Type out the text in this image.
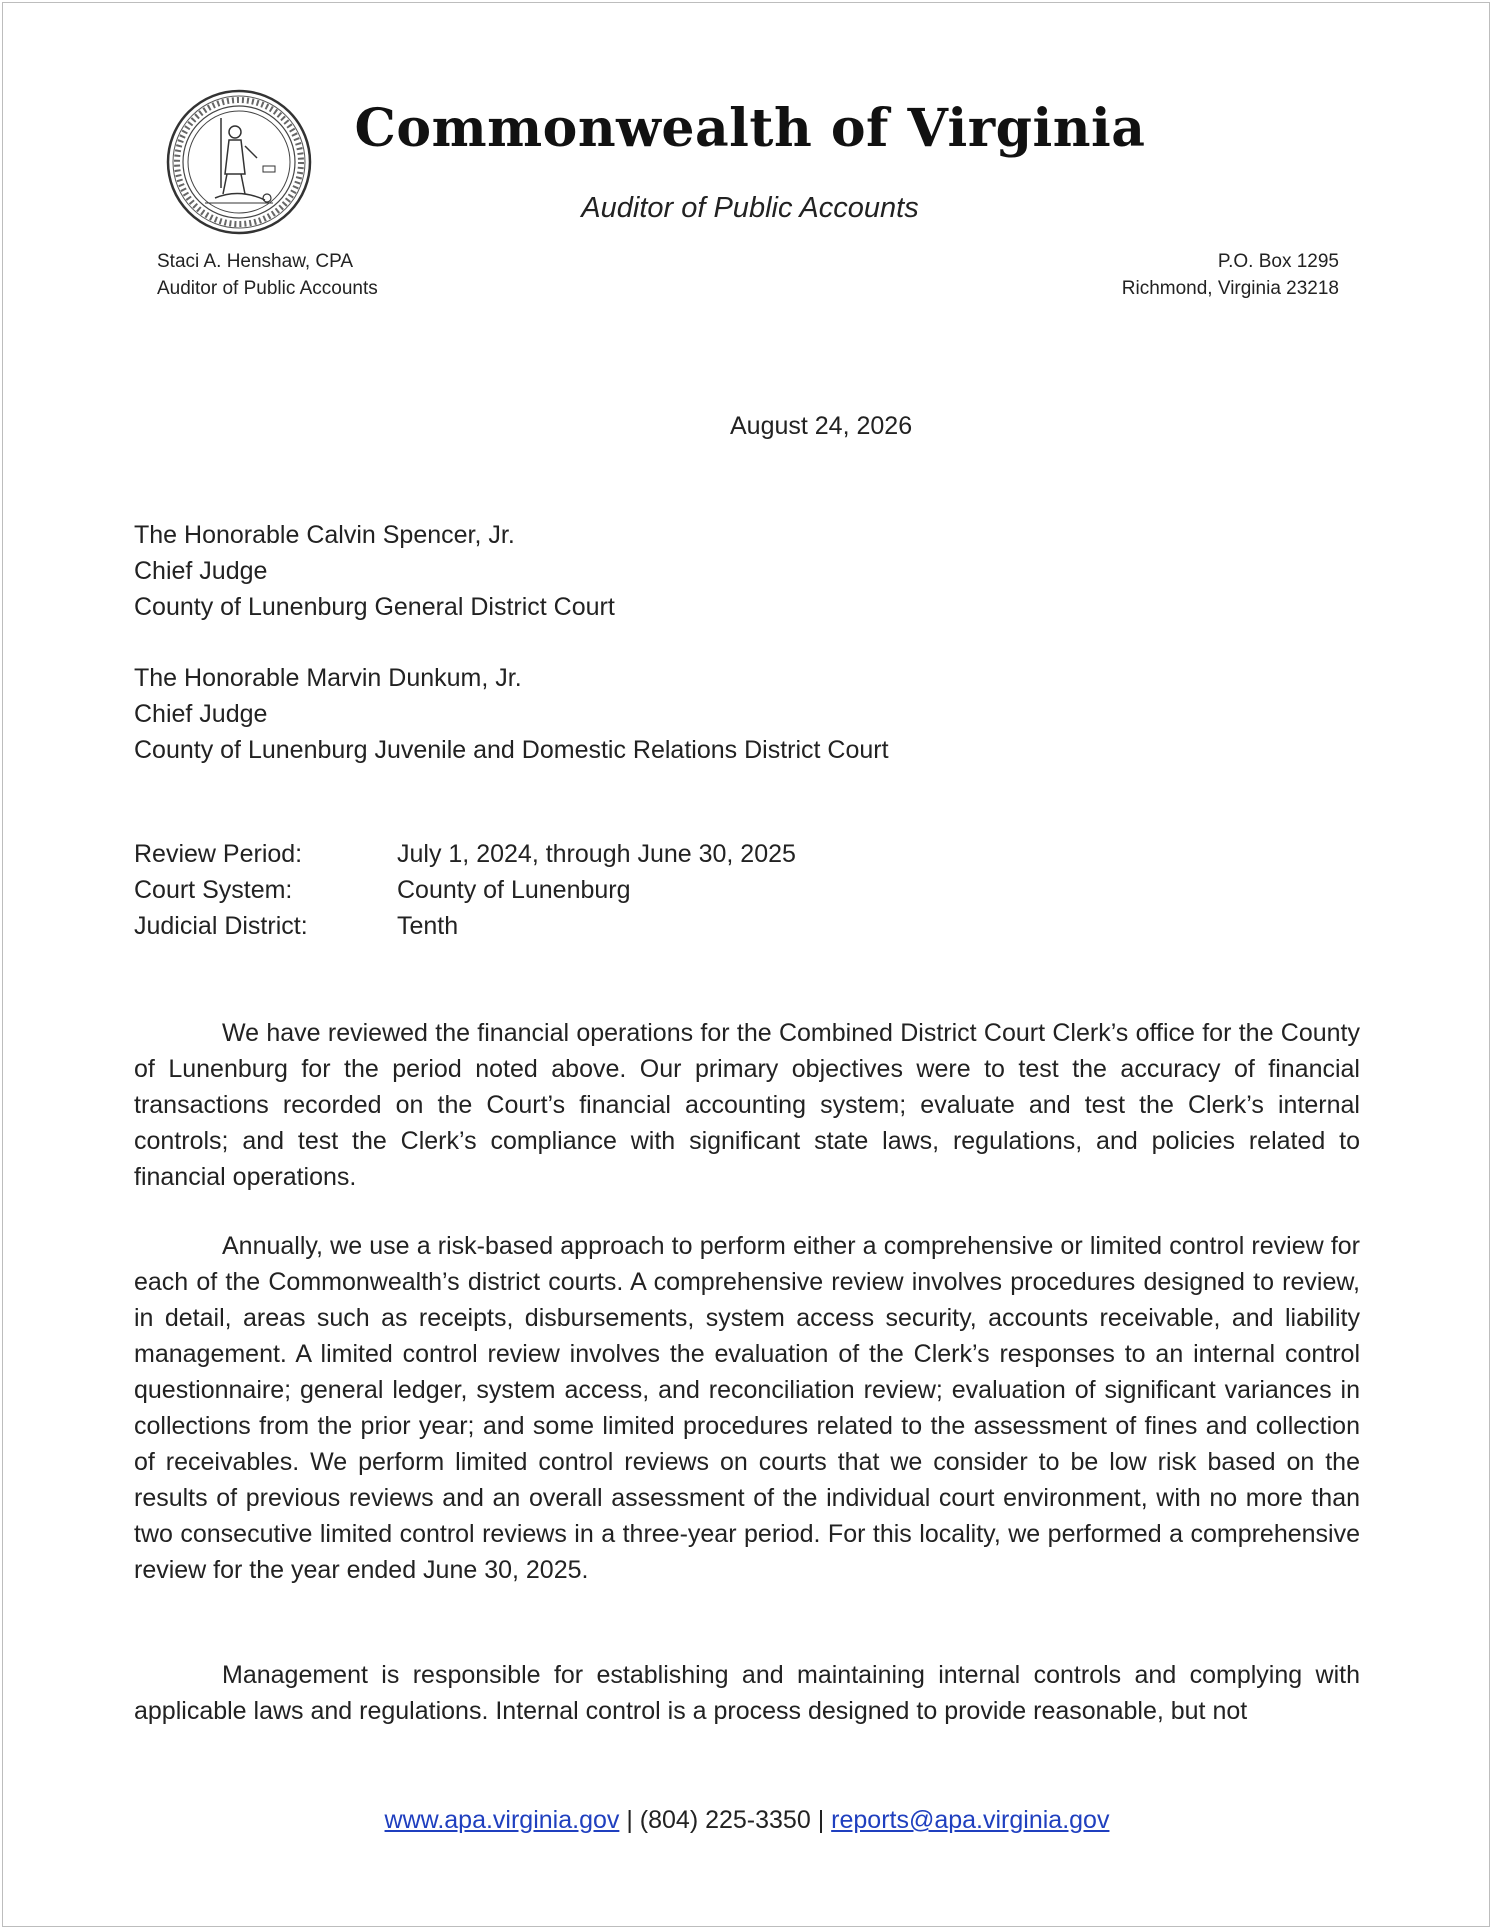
Commonwealth of Virginia
Auditor of Public Accounts
Staci A. Henshaw, CPA
Auditor of Public Accounts
P.O. Box 1295
Richmond, Virginia 23218
August 24, 2026
The Honorable Calvin Spencer, Jr.
Chief Judge
County of Lunenburg General District Court
The Honorable Marvin Dunkum, Jr.
Chief Judge
County of Lunenburg Juvenile and Domestic Relations District Court
Review Period:	July 1, 2024, through June 30, 2025
Court System:	County of Lunenburg
Judicial District:	Tenth
We have reviewed the financial operations for the Combined District Court Clerk’s office for the County of Lunenburg for the period noted above. Our primary objectives were to test the accuracy of financial transactions recorded on the Court’s financial accounting system; evaluate and test the Clerk’s internal controls; and test the Clerk’s compliance with significant state laws, regulations, and policies related to financial operations.
Annually, we use a risk-based approach to perform either a comprehensive or limited control review for each of the Commonwealth’s district courts. A comprehensive review involves procedures designed to review, in detail, areas such as receipts, disbursements, system access security, accounts receivable, and liability management. A limited control review involves the evaluation of the Clerk’s responses to an internal control questionnaire; general ledger, system access, and reconciliation review; evaluation of significant variances in collections from the prior year; and some limited procedures related to the assessment of fines and collection of receivables. We perform limited control reviews on courts that we consider to be low risk based on the results of previous reviews and an overall assessment of the individual court environment, with no more than two consecutive limited control reviews in a three-year period. For this locality, we performed a comprehensive review for the year ended June 30, 2025.
Management is responsible for establishing and maintaining internal controls and complying with applicable laws and regulations. Internal control is a process designed to provide reasonable, but not
www.apa.virginia.gov | (804) 225-3350 | reports@apa.virginia.gov
